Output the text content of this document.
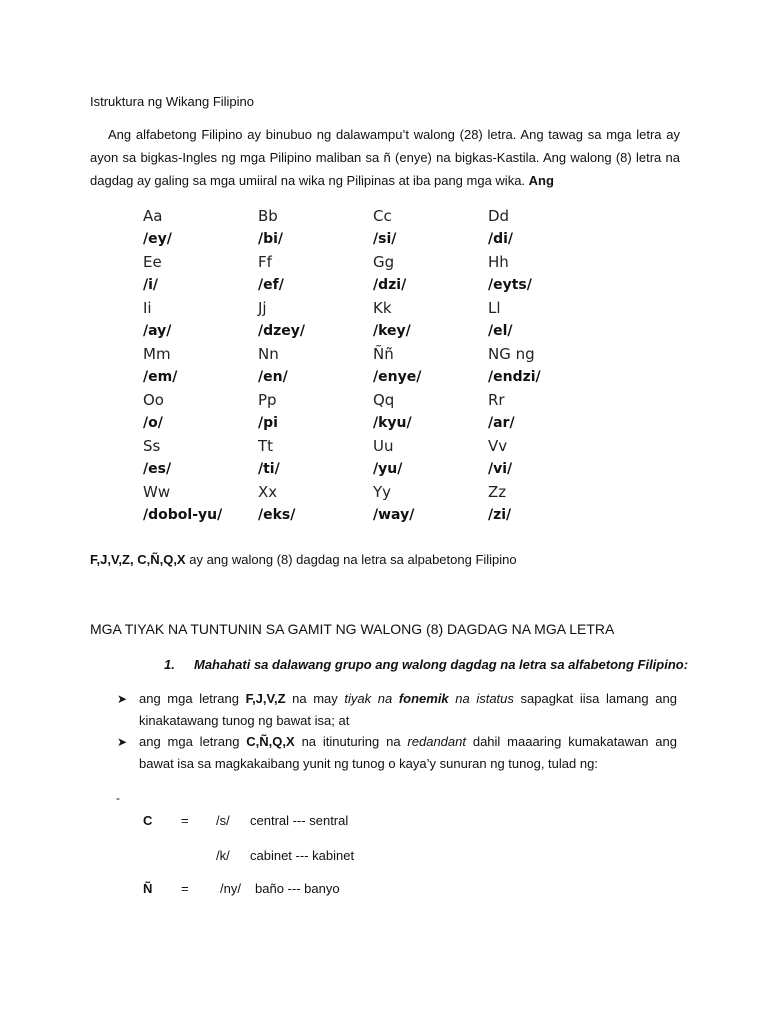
Istruktura ng Wikang Filipino

Ang alfabetong Filipino ay binubuo ng dalawampu’t walong (28) letra. Ang tawag sa mga letra ay ayon sa bigkas-Ingles ng mga Pilipino maliban sa ñ (enye) na bigkas-Kastila. Ang walong (8) letra na dagdag ay galing sa mga umiiral na wika ng Pilipinas at iba pang mga wika. Ang

Aa
/ey/
Bb
/bi/
Cc
/si/
Dd
/di/
Ee
/i/
Ff
/ef/
Gg
/dzi/
Hh
/eyts/
Ii
/ay/
Jj
/dzey/
Kk
/key/
Ll
/el/
Mm
/em/
Nn
/en/
Ññ
/enye/
NG ng
/endzi/
Oo
/o/
Pp
/pi
Qq
/kyu/
Rr
/ar/
Ss
/es/
Tt
/ti/
Uu
/yu/
Vv
/vi/
Ww
/dobol-yu/
Xx
/eks/
Yy
/way/
Zz
/zi/
F,J,V,Z, C,Ñ,Q,X ay ang walong (8) dagdag na letra sa alpabetong Filipino
MGA TIYAK NA TUNTUNIN SA GAMIT NG WALONG (8) DAGDAG NA MGA LETRA
1. Mahahati sa dalawang grupo ang walong dagdag na letra sa alfabetong Filipino:
➤ ang mga letrang F,J,V,Z na may tiyak na fonemik na istatus sapagkat iisa lamang ang kinakatawang tunog ng bawat isa; at
➤ ang mga letrang C,Ñ,Q,X na itinuturing na redandant dahil maaaring kumakatawan ang bawat isa sa magkakaibang yunit ng tunog o kaya’y sunuran ng tunog, tulad ng:
-
C = /s/ central --- sentral
/k/ cabinet --- kabinet
Ñ = /ny/ baño --- banyo
